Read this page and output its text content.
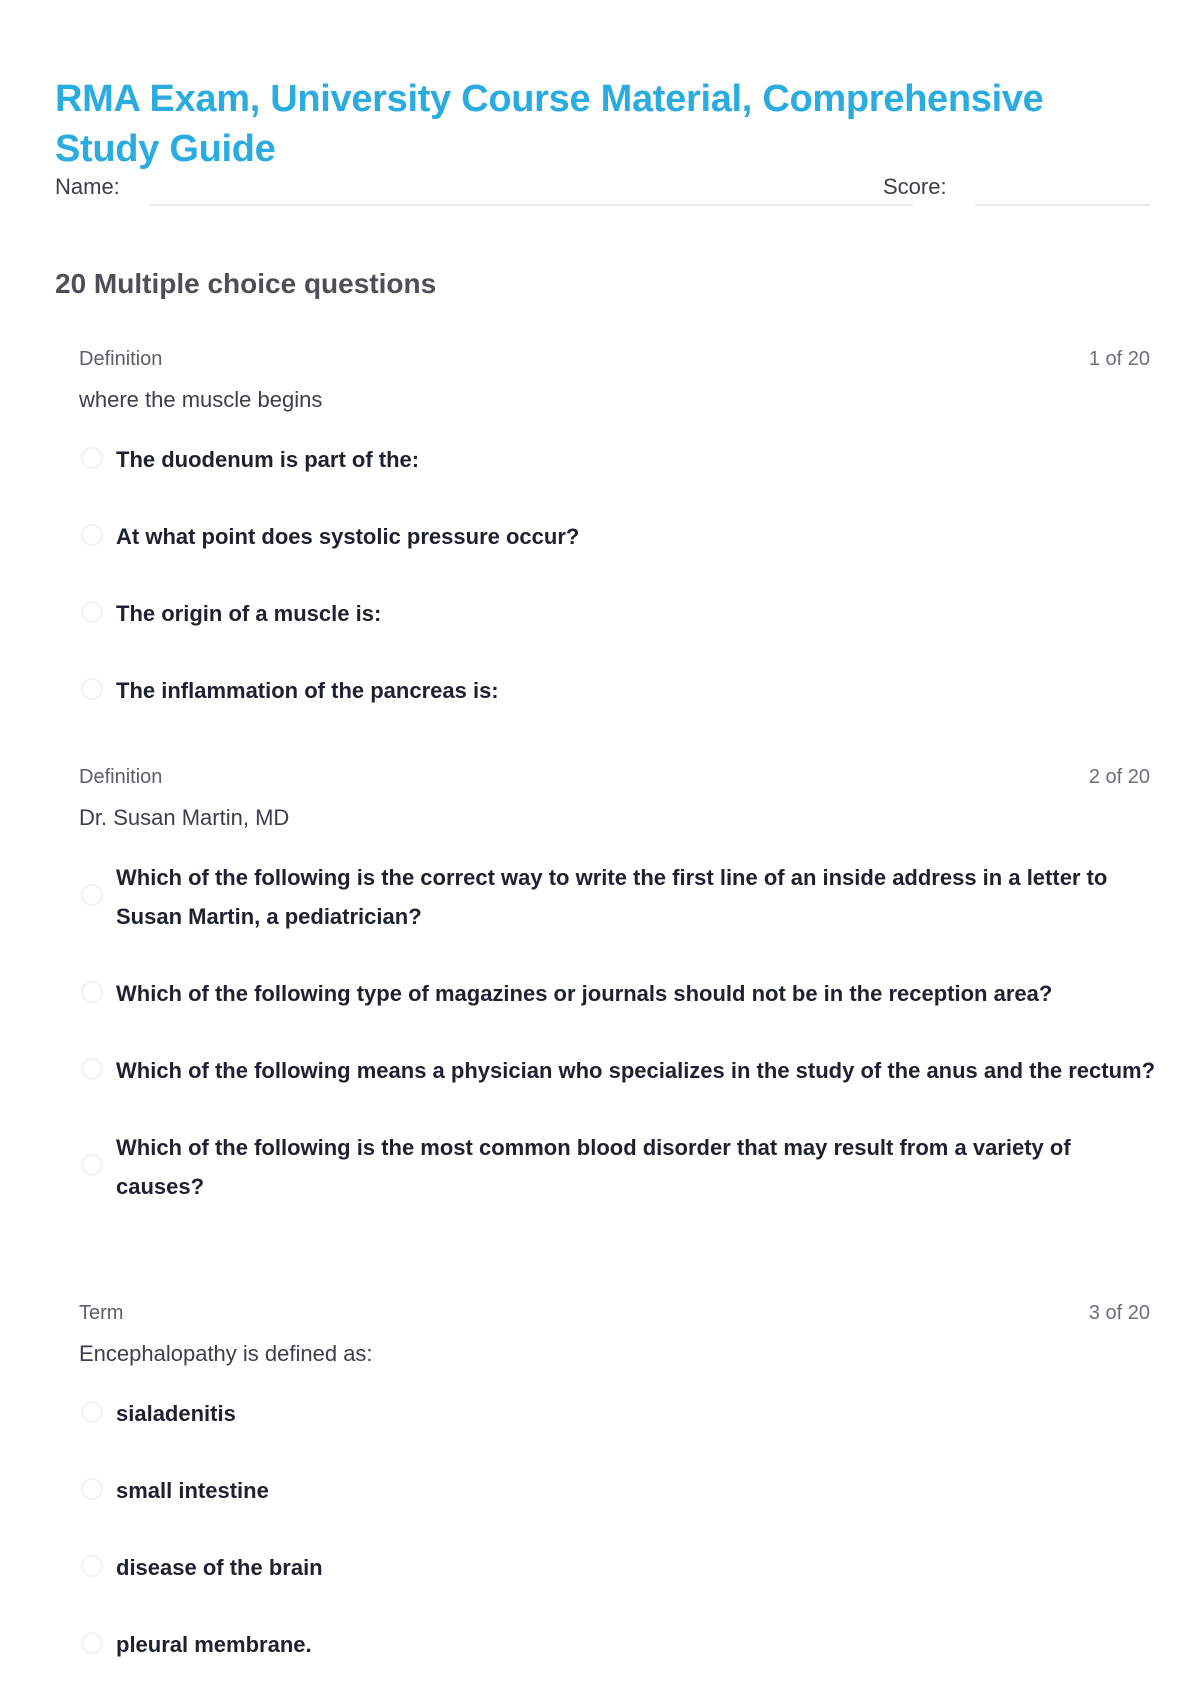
RMA Exam, University Course Material, Comprehensive Study Guide
Name:	Score:
20 Multiple choice questions
Definition	1 of 20
where the muscle begins
The duodenum is part of the:
At what point does systolic pressure occur?
The origin of a muscle is:
The inflammation of the pancreas is:
Definition	2 of 20
Dr. Susan Martin, MD
Which of the following is the correct way to write the first line of an inside address in a letter to Susan Martin, a pediatrician?
Which of the following type of magazines or journals should not be in the reception area?
Which of the following means a physician who specializes in the study of the anus and the rectum?
Which of the following is the most common blood disorder that may result from a variety of causes?
Term	3 of 20
Encephalopathy is defined as:
sialadenitis
small intestine
disease of the brain
pleural membrane.
